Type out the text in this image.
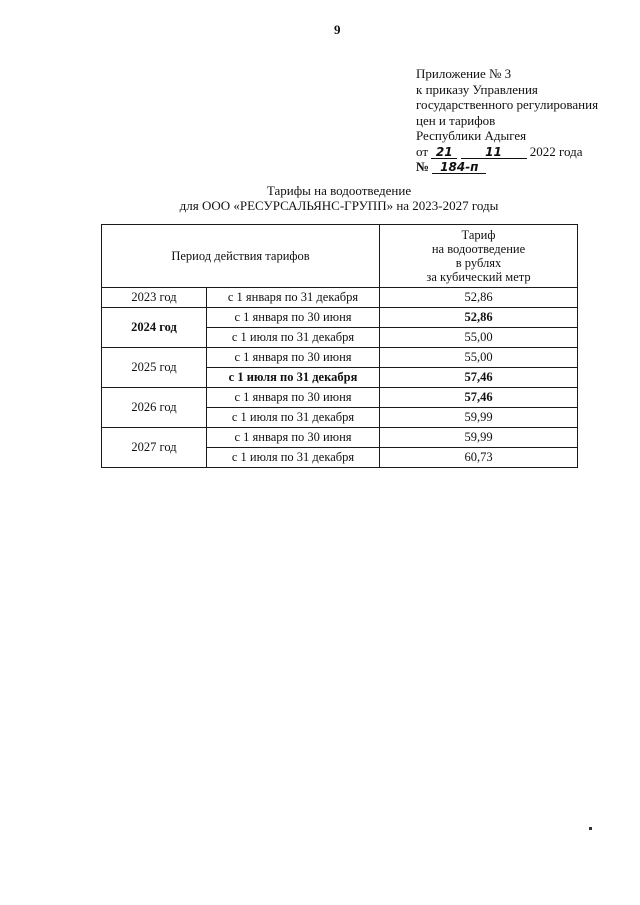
9
Приложение № 3
к приказу Управления
государственного регулирования
цен и тарифов
Республики Адыгея
от 21	11 2022 года
№ 184-п
Тарифы на водоотведение
для ООО «РЕСУРСАЛЬЯНС-ГРУПП» на 2023-2027 годы
Период действия тарифов		Тариф
на водоотведение
в рублях
за кубический метр

2023 год	с 1 января по 31 декабря	52,86
2024 год	с 1 января по 30 июня	52,86
	с 1 июля по 31 декабря	55,00
2025 год	с 1 января по 30 июня	55,00
	с 1 июля по 31 декабря	57,46
2026 год	с 1 января по 30 июня	57,46
	с 1 июля по 31 декабря	59,99
2027 год	с 1 января по 30 июня	59,99
	с 1 июля по 31 декабря	60,73
